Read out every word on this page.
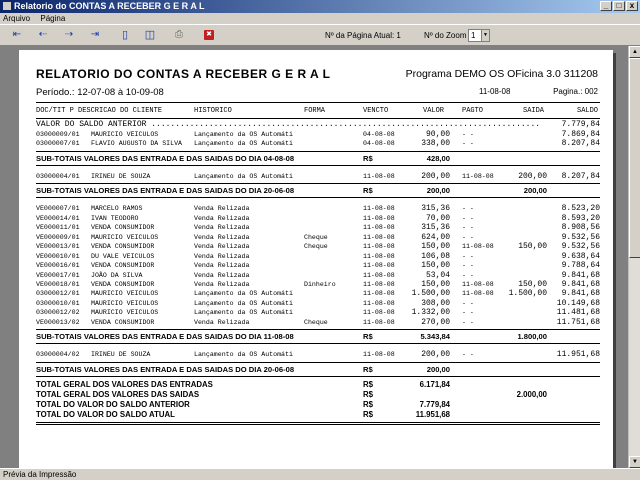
Relatorio do CONTAS A RECEBER G E R A L	_	□	x
Arquivo Página
⇤ ⇠ ⇢ ⇥	▯	◫	⎙	✖	Nº da Página Atual: 1	Nº do Zoom 1	▼
RELATORIO DO CONTAS A RECEBER G E R A L	Programa DEMO OS OFicina 3.0 311208
Período.: 12-07-08 à 10-09-08	11-08-08	Pagina.: 002
DOC/TIT P DESCRICAO DO CLIENTE	HISTORICO	FORMA	VENCTO	VALOR	PAGTO	SAIDA	SALDO
VALOR DO SALDO ANTERIOR .................................................................................	7.779,84
03000009/01 MAURICIO VEICULOS	Lançamento da OS Automáti	04-08-08	90,00 - -	7.869,84
03000007/01 FLAVIO AUGUSTO DA SILVA Lançamento da OS Automáti	04-08-08	338,00 - -	8.207,84
SUB-TOTAIS VALORES DAS ENTRADA E DAS SAIDAS DO DIA 04-08-08	R$	428,00
03000004/01 IRINEU DE SOUZA	Lançamento da OS Automáti	11-08-08	200,00 11-08-08	200,00 8.207,84
SUB-TOTAIS VALORES DAS ENTRADA E DAS SAIDAS DO DIA 20-06-08	R$	200,00	200,00
VE000007/01 MARCELO RAMOS	Venda Relizada	11-08-08	315,36 - -	8.523,20
VE000014/01 IVAN TEODORO	Venda Relizada	11-08-08	70,00 - -	8.593,20
VE000011/01 VENDA CONSUMIDOR	Venda Relizada	11-08-08	315,36 - -	8.908,56
VE000009/01 MAURICIO VEICULOS	Venda Relizada	Cheque	11-08-08	624,00 - -	9.532,56
VE000013/01 VENDA CONSUMIDOR	Venda Relizada	Cheque	11-08-08	150,00 11-08-08	150,00 9.532,56
VE000010/01 DU VALE VEICULOS	Venda Relizada	11-08-08	106,08 - -	9.638,64
VE000016/01 VENDA CONSUMIDOR	Venda Relizada	11-08-08	150,00 - -	9.788,64
VE000017/01 JOÃO DA SILVA	Venda Relizada	11-08-08	53,04 - -	9.841,68
VE000018/01 VENDA CONSUMIDOR	Venda Relizada	Dinheiro	11-08-08	150,00 11-08-08	150,00 9.841,68
03000012/01 MAURICIO VEICULOS	Lançamento da OS Automáti	11-08-08 1.500,00 11-08-08 1.500,00 9.841,68
03000010/01 MAURICIO VEICULOS	Lançamento da OS Automáti	11-08-08	308,00 - -	10.149,68
03000012/02 MAURICIO VEICULOS	Lançamento da OS Automáti	11-08-08 1.332,00 - -	11.481,68
VE000013/02 VENDA CONSUMIDOR	Venda Relizada	Cheque	11-08-08	270,00 - -	11.751,68
SUB-TOTAIS VALORES DAS ENTRADA E DAS SAIDAS DO DIA 11-08-08	R$	5.343,84	1.800,00
03000004/02 IRINEU DE SOUZA	Lançamento da OS Automáti	11-08-08	200,00 - -	11.951,68
SUB-TOTAIS VALORES DAS ENTRADA E DAS SAIDAS DO DIA 20-06-08	R$	200,00
TOTAL GERAL DOS VALORES DAS ENTRADAS	R$	6.171,84
TOTAL GERAL DOS VALORES DAS SAIDAS	R$	2.000,00
TOTAL DO VALOR DO SALDO ANTERIOR	R$	7.779,84
TOTAL DO VALOR DO SALDO ATUAL	R$	11.951,68
▲
▼
Prévia da Impressão
